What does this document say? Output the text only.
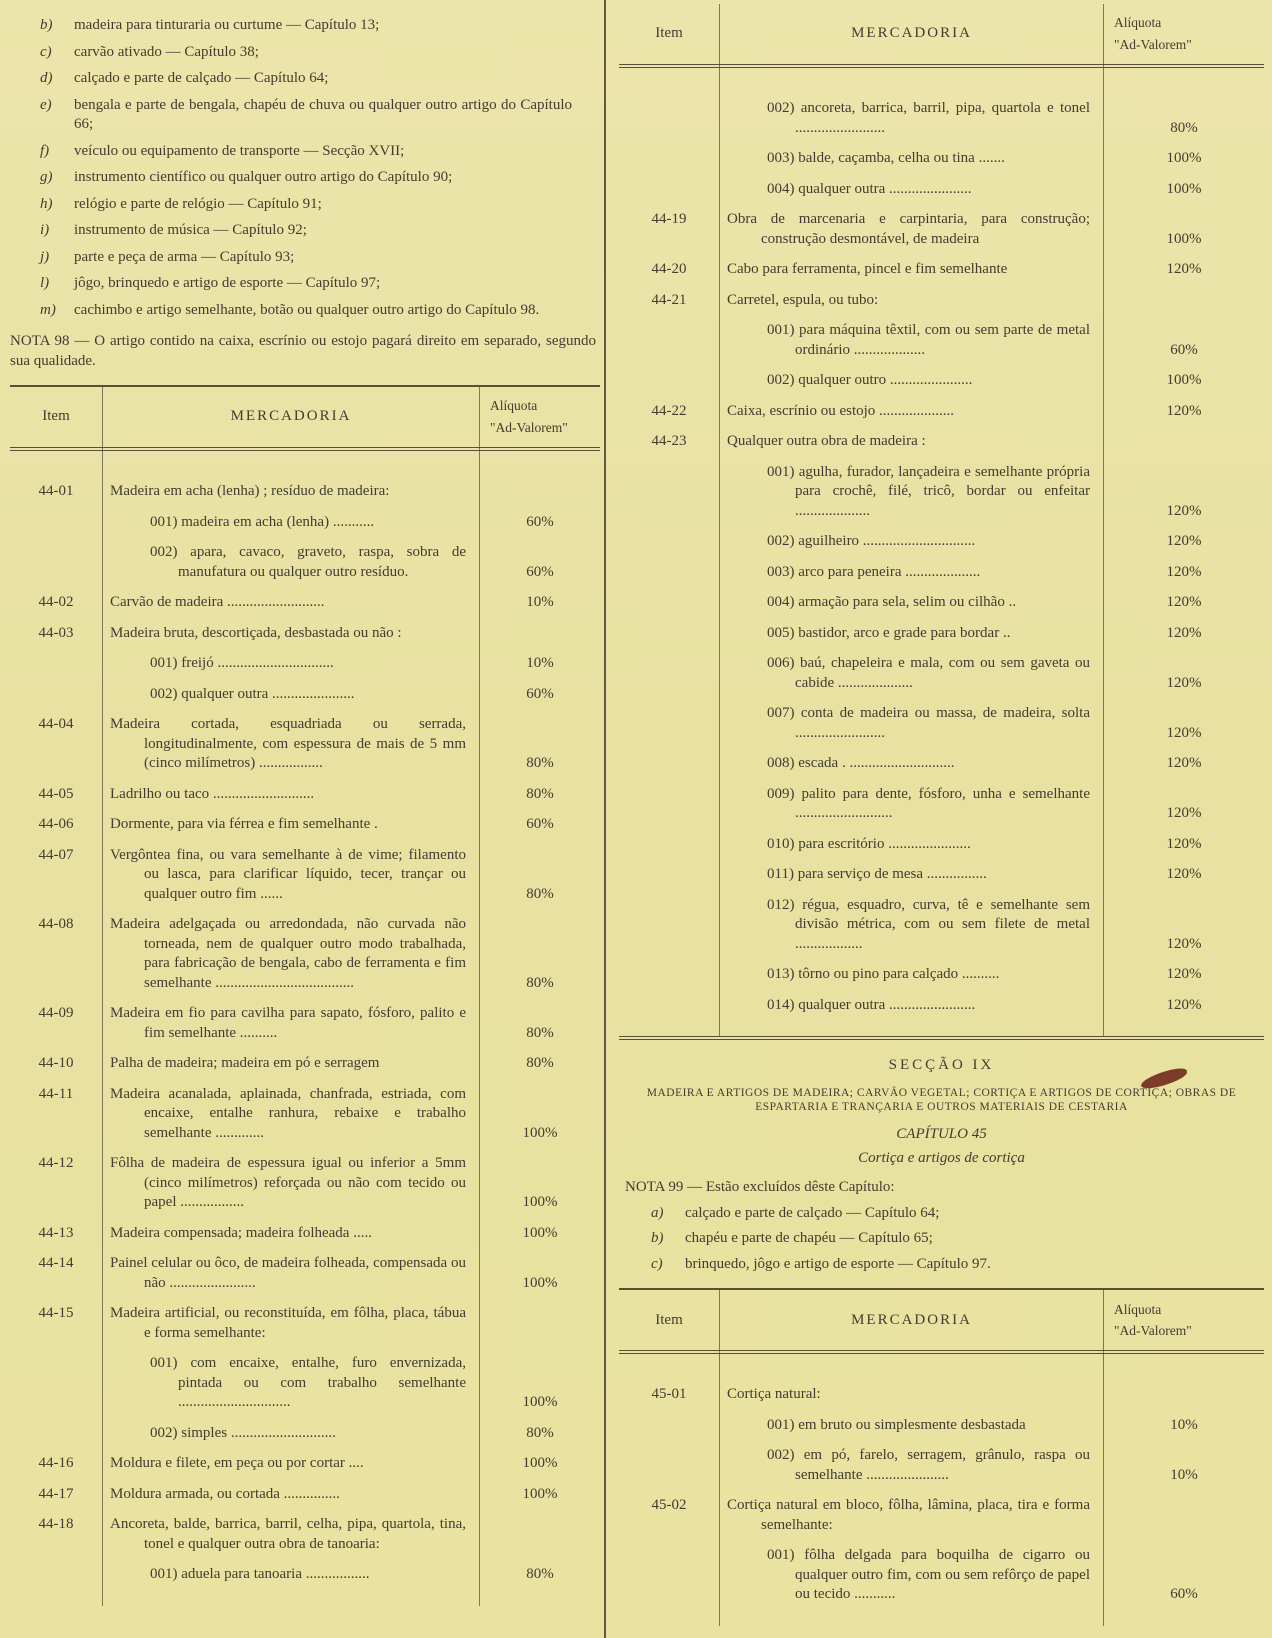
b)	madeira para tinturaria ou curtume — Capítulo 13;
c)	carvão ativado — Capítulo 38;
d)	calçado e parte de calçado — Capítulo 64;
e)	bengala e parte de bengala, chapéu de chuva ou qualquer outro artigo do Capítulo 66;
f)	veículo ou equipamento de transporte — Secção XVII;
g)	instrumento científico ou qualquer outro artigo do Capítulo 90;
h)	relógio e parte de relógio — Capítulo 91;
i)	instrumento de música — Capítulo 92;
j)	parte e peça de arma — Capítulo 93;
l)	jôgo, brinquedo e artigo de esporte — Capítulo 97;
m)	cachimbo e artigo semelhante, botão ou qualquer outro artigo do Capítulo 98.

NOTA 98 — O artigo contido na caixa, escrínio ou estojo pagará direito em separado, segundo sua qualidade.

Item	MERCADORIA
Alíquota
"Ad-Valorem"
44-01	Madeira em acha (lenha) ; resíduo de madeira:
001) madeira em acha (lenha) ...........	60%
002) apara, cavaco, graveto, raspa, sobra de manufatura ou qualquer outro resíduo.	60%
44-02	Carvão de madeira ..........................	10%
44-03	Madeira bruta, descortiçada, desbastada ou não :
001) freijó ...............................	10%
002) qualquer outra ......................	60%
44-04	Madeira cortada, esquadriada ou serrada, longitudinalmente, com espessura de mais de 5 mm (cinco milímetros) .................	80%
44-05	Ladrilho ou taco ...........................	80%
44-06	Dormente, para via férrea e fim semelhante .	60%
44-07	Vergôntea fina, ou vara semelhante à de vime; filamento ou lasca, para clarificar líquido, tecer, trançar ou qualquer outro fim ......	80%
44-08	Madeira adelgaçada ou arredondada, não curvada não torneada, nem de qualquer outro modo trabalhada, para fabricação de bengala, cabo de ferramenta e fim semelhante .....................................	80%
44-09	Madeira em fio para cavilha para sapato, fósforo, palito e fim semelhante ..........	80%
44-10	Palha de madeira; madeira em pó e serragem	80%
44-11	Madeira acanalada, aplainada, chanfrada, estriada, com encaixe, entalhe ranhura, rebaixe e trabalho semelhante .............	100%
44-12	Fôlha de madeira de espessura igual ou inferior a 5mm (cinco milímetros) reforçada ou não com tecido ou papel .................	100%
44-13	Madeira compensada; madeira folheada .....	100%
44-14	Painel celular ou ôco, de madeira folheada, compensada ou não .......................	100%
44-15	Madeira artificial, ou reconstituída, em fôlha, placa, tábua e forma semelhante:
001) com encaixe, entalhe, furo envernizada, pintada ou com trabalho semelhante ..............................	100%
002) simples ............................	80%
44-16	Moldura e filete, em peça ou por cortar ....	100%
44-17	Moldura armada, ou cortada ...............	100%
44-18	Ancoreta, balde, barrica, barril, celha, pipa, quartola, tina, tonel e qualquer outra obra de tanoaria:
001) aduela para tanoaria .................	80%
Item	MERCADORIA
Alíquota
"Ad-Valorem"
002) ancoreta, barrica, barril, pipa, quartola e tonel ........................	80%
003) balde, caçamba, celha ou tina .......	100%
004) qualquer outra ......................	100%
44-19	Obra de marcenaria e carpintaria, para construção; construção desmontável, de madeira	100%
44-20	Cabo para ferramenta, pincel e fim semelhante	120%
44-21	Carretel, espula, ou tubo:
001) para máquina têxtil, com ou sem parte de metal ordinário ...................	60%
002) qualquer outro ......................	100%
44-22	Caixa, escrínio ou estojo ....................	120%
44-23	Qualquer outra obra de madeira :
001) agulha, furador, lançadeira e semelhante própria para crochê, filé, tricô, bordar ou enfeitar ....................	120%
002) aguilheiro ..............................	120%
003) arco para peneira ....................	120%
004) armação para sela, selim ou cilhão ..	120%
005) bastidor, arco e grade para bordar ..	120%
006) baú, chapeleira e mala, com ou sem gaveta ou cabide ....................	120%
007) conta de madeira ou massa, de madeira, solta ........................	120%
008) escada . ............................	120%
009) palito para dente, fósforo, unha e semelhante ..........................	120%
010) para escritório ......................	120%
011) para serviço de mesa ................	120%
012) régua, esquadro, curva, tê e semelhante sem divisão métrica, com ou sem filete de metal ..................	120%
013) tôrno ou pino para calçado ..........	120%
014) qualquer outra .......................	120%
SECÇÃO IX
MADEIRA E ARTIGOS DE MADEIRA; CARVÃO VEGETAL; CORTIÇA E ARTIGOS DE CORTIÇA; OBRAS DE ESPARTARIA E TRANÇARIA E OUTROS MATERIAIS DE CESTARIA
CAPÍTULO 45
Cortiça e artigos de cortiça
NOTA 99 — Estão excluídos dêste Capítulo:
a)	calçado e parte de calçado — Capítulo 64;
b)	chapéu e parte de chapéu — Capítulo 65;
c)	brinquedo, jôgo e artigo de esporte — Capítulo 97.
Item	MERCADORIA
Alíquota
"Ad-Valorem"
45-01	Cortiça natural:
001) em bruto ou simplesmente desbastada	10%
002) em pó, farelo, serragem, grânulo, raspa ou semelhante ......................	10%
45-02	Cortiça natural em bloco, fôlha, lâmina, placa, tira e forma semelhante:
001) fôlha delgada para boquilha de cigarro ou qualquer outro fim, com ou sem refôrço de papel ou tecido ...........	60%
